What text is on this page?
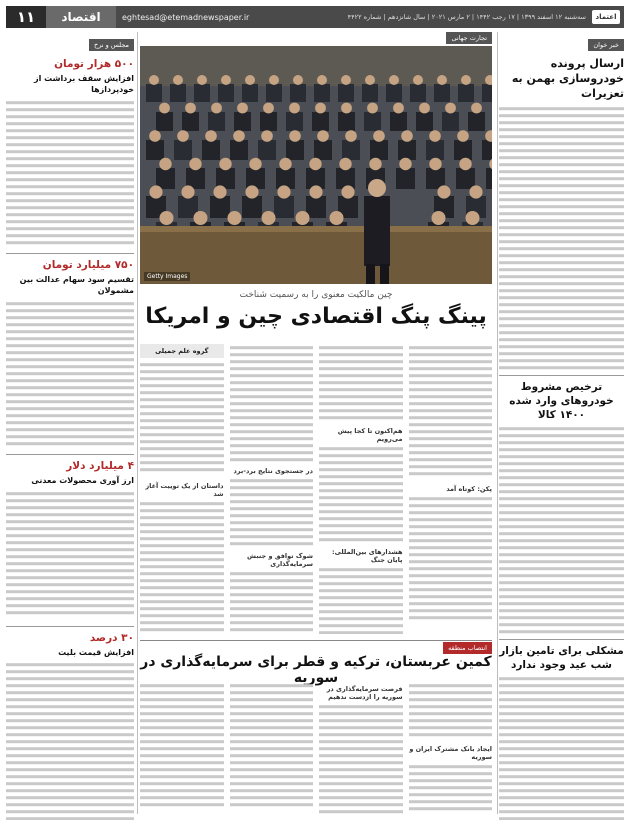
۱۱	اقتصاد	eghtesad@etemadnewspaper.ir	سه‌شنبه ۱۲ اسفند ۱۳۹۹ | ۱۷ رجب ۱۴۴۲ | ۲ مارس ۲۰۲۱ | سال شانزدهم | شماره ۴۴۲۲	اعتماد
خبر خوان
ارسال پرونده خودروسازی بهمن به تعزیرات
ترخیص مشروط خودروهای وارد شده ۱۴۰۰ کالا
مشکلی برای تامین بازار شب عید وجود ندارد
تجارت جهانی
Getty Images
چین مالکیت معنوی را به رسمیت شناخت
پینگ پنگ اقتصادی چین و امریکا
پکن: کوتاه آمد
هم‌اکنون تا کجا پیش می‌رویم
هشدارهای بین‌المللی: پایان جنگ
در جستجوی نتایج برد-برد
شوک توافق و جنبش سرمایه‌گذاری
گروه علم جمیلی
داستان از یک توییت آغاز شد
انتصاب منطقه
کمین عربستان، ترکیه و قطر برای سرمایه‌گذاری در سوریه
ایجاد بانک مشترک ایران و سوریه
فرصت سرمایه‌گذاری در سوریه را ازدست ندهیم
مجلس و نرخ
۵۰۰ هزار تومان
افزایش سقف برداشت از خودپردازها
۷۵۰ میلیارد تومان
تقسیم سود سهام عدالت بین مشمولان
۴ میلیارد دلار
ارز آوری محصولات معدنی
۳۰ درصد
افزایش قیمت بلیت
